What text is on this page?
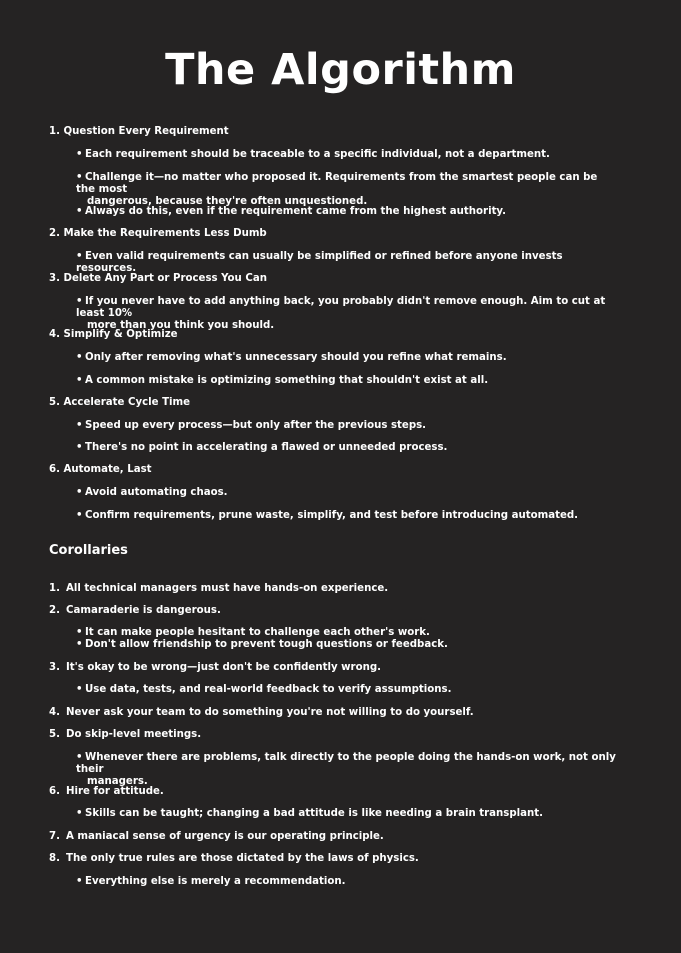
The Algorithm
1. Question Every Requirement
• Each requirement should be traceable to a specific individual, not a department.
• Challenge it—no matter who proposed it. Requirements from the smartest people can be the most
dangerous, because they're often unquestioned.
• Always do this, even if the requirement came from the highest authority.
2. Make the Requirements Less Dumb
• Even valid requirements can usually be simplified or refined before anyone invests resources.
3. Delete Any Part or Process You Can
• If you never have to add anything back, you probably didn't remove enough. Aim to cut at least 10%
more than you think you should.
4. Simplify & Optimize
• Only after removing what's unnecessary should you refine what remains.
• A common mistake is optimizing something that shouldn't exist at all.
5. Accelerate Cycle Time
• Speed up every process—but only after the previous steps.
• There's no point in accelerating a flawed or unneeded process.
6. Automate, Last
• Avoid automating chaos.
• Confirm requirements, prune waste, simplify, and test before introducing automated.
Corollaries
1. All technical managers must have hands-on experience.
2. Camaraderie is dangerous.
• It can make people hesitant to challenge each other's work.
• Don't allow friendship to prevent tough questions or feedback.
3. It's okay to be wrong—just don't be confidently wrong.
• Use data, tests, and real-world feedback to verify assumptions.
4. Never ask your team to do something you're not willing to do yourself.
5. Do skip-level meetings.
• Whenever there are problems, talk directly to the people doing the hands-on work, not only their
managers.
6. Hire for attitude.
• Skills can be taught; changing a bad attitude is like needing a brain transplant.
7. A maniacal sense of urgency is our operating principle.
8. The only true rules are those dictated by the laws of physics.
• Everything else is merely a recommendation.
